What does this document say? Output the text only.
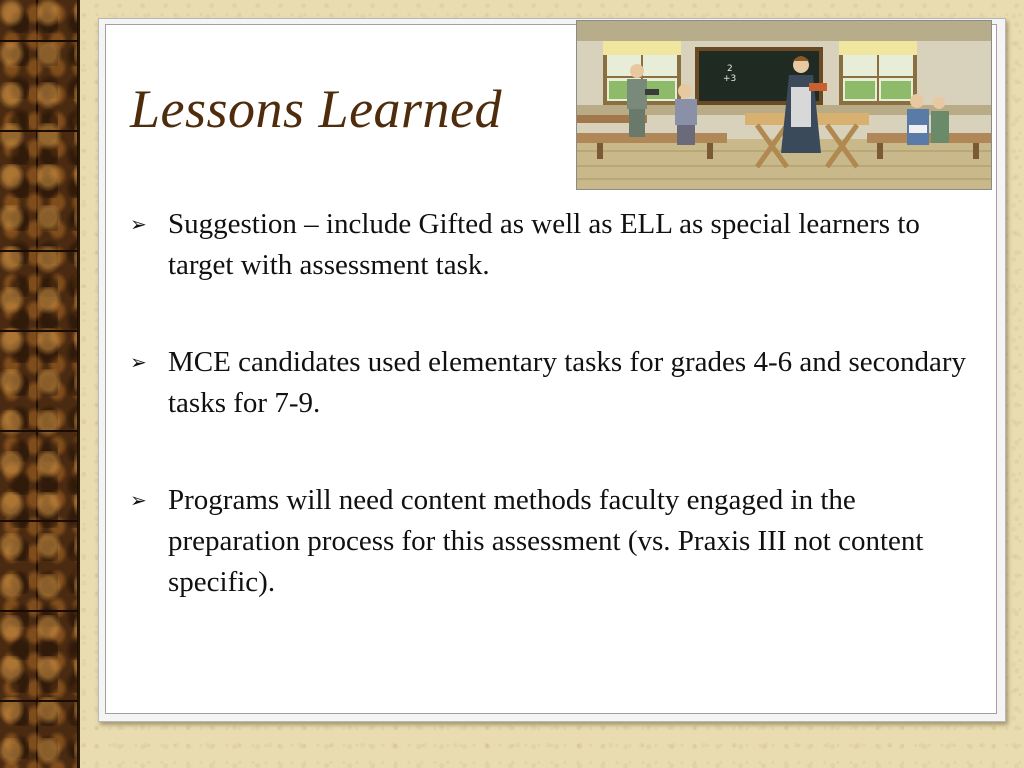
Lessons Learned
2
+3
➢ Suggestion – include Gifted as well as ELL as special learners to target with assessment task.
➢ MCE candidates used elementary tasks for grades 4-6 and secondary tasks for 7-9.
➢ Programs will need content methods faculty engaged in the preparation process for this assessment (vs. Praxis III not content specific).
